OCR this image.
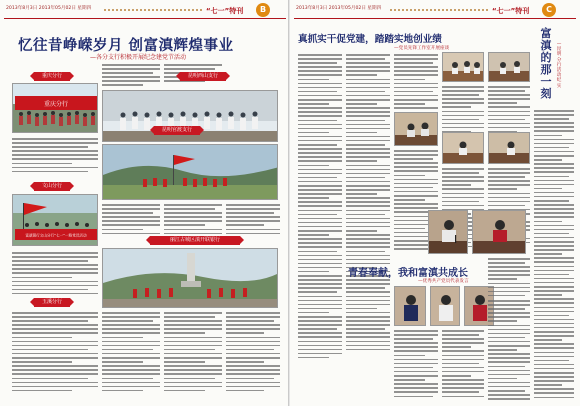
2013年8月3日 2013年05月02日 星期四	“七一”特刊	B
忆往昔峥嵘岁月 创富滇辉煌事业
—各分支行积极开展纪念建党节活动
重庆分行
重庆分行
昆明西山支行
昆明官渡支行
文山分行
富滇银行文山分行“七一”一路党员活动
丽江古城区滇开联银行
玉溪分行
2013年8月3日 2013年05月02日 星期四	“七一”特刊	C
真抓实干促党建，踏踏实地创业绩
—党员先锋工作室开展座谈
青春奉献，我和富滇共成长
—优秀共产党员代表发言
富滇的那一刻
—昆明分行活动纪实
